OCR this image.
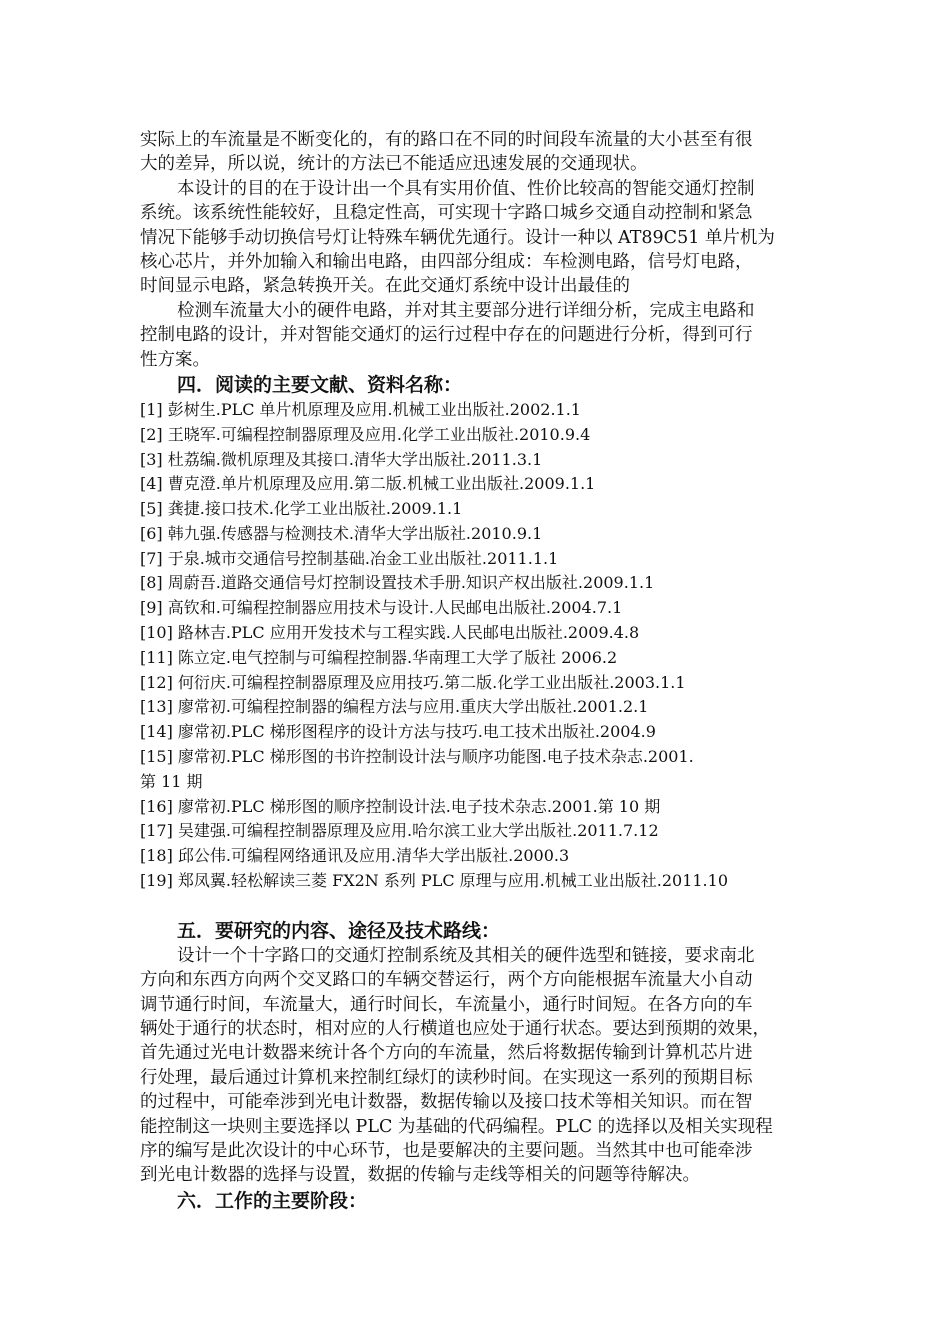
实际上的车流量是不断变化的，有的路口在不同的时间段车流量的大小甚至有很
大的差异，所以说，统计的方法已不能适应迅速发展的交通现状。
本设计的目的在于设计出一个具有实用价值、性价比较高的智能交通灯控制
系统。该系统性能较好，且稳定性高，可实现十字路口城乡交通自动控制和紧急
情况下能够手动切换信号灯让特殊车辆优先通行。设计一种以 AT89C51 单片机为
核心芯片，并外加输入和输出电路，由四部分组成：车检测电路，信号灯电路，
时间显示电路，紧急转换开关。在此交通灯系统中设计出最佳的
检测车流量大小的硬件电路，并对其主要部分进行详细分析，完成主电路和
控制电路的设计，并对智能交通灯的运行过程中存在的问题进行分析，得到可行
性方案。
四．阅读的主要文献、资料名称：
[1] 彭树生.PLC 单片机原理及应用.机械工业出版社.2002.1.1
[2] 王晓军.可编程控制器原理及应用.化学工业出版社.2010.9.4
[3] 杜荔编.微机原理及其接口.清华大学出版社.2011.3.1
[4] 曹克澄.单片机原理及应用.第二版.机械工业出版社.2009.1.1
[5] 龚捷.接口技术.化学工业出版社.2009.1.1
[6] 韩九强.传感器与检测技术.清华大学出版社.2010.9.1
[7] 于泉.城市交通信号控制基础.冶金工业出版社.2011.1.1
[8] 周蔚吾.道路交通信号灯控制设置技术手册.知识产权出版社.2009.1.1
[9] 高钦和.可编程控制器应用技术与设计.人民邮电出版社.2004.7.1
[10] 路林吉.PLC 应用开发技术与工程实践.人民邮电出版社.2009.4.8
[11] 陈立定.电气控制与可编程控制器.华南理工大学了版社 2006.2
[12] 何衍庆.可编程控制器原理及应用技巧.第二版.化学工业出版社.2003.1.1
[13] 廖常初.可编程控制器的编程方法与应用.重庆大学出版社.2001.2.1
[14] 廖常初.PLC 梯形图程序的设计方法与技巧.电工技术出版社.2004.9
[15] 廖常初.PLC 梯形图的书许控制设计法与顺序功能图.电子技术杂志.2001.
第 11 期
[16] 廖常初.PLC 梯形图的顺序控制设计法.电子技术杂志.2001.第 10 期
[17] 吴建强.可编程控制器原理及应用.哈尔滨工业大学出版社.2011.7.12
[18] 邱公伟.可编程网络通讯及应用.清华大学出版社.2000.3
[19] 郑凤翼.轻松解读三菱 FX2N 系列 PLC 原理与应用.机械工业出版社.2011.10
五．要研究的内容、途径及技术路线：
设计一个十字路口的交通灯控制系统及其相关的硬件选型和链接，要求南北
方向和东西方向两个交叉路口的车辆交替运行，两个方向能根据车流量大小自动
调节通行时间，车流量大，通行时间长，车流量小，通行时间短。在各方向的车
辆处于通行的状态时，相对应的人行横道也应处于通行状态。要达到预期的效果，
首先通过光电计数器来统计各个方向的车流量，然后将数据传输到计算机芯片进
行处理，最后通过计算机来控制红绿灯的读秒时间。在实现这一系列的预期目标
的过程中，可能牵涉到光电计数器，数据传输以及接口技术等相关知识。而在智
能控制这一块则主要选择以 PLC 为基础的代码编程。PLC 的选择以及相关实现程
序的编写是此次设计的中心环节，也是要解决的主要问题。当然其中也可能牵涉
到光电计数器的选择与设置，数据的传输与走线等相关的问题等待解决。
六．工作的主要阶段：
